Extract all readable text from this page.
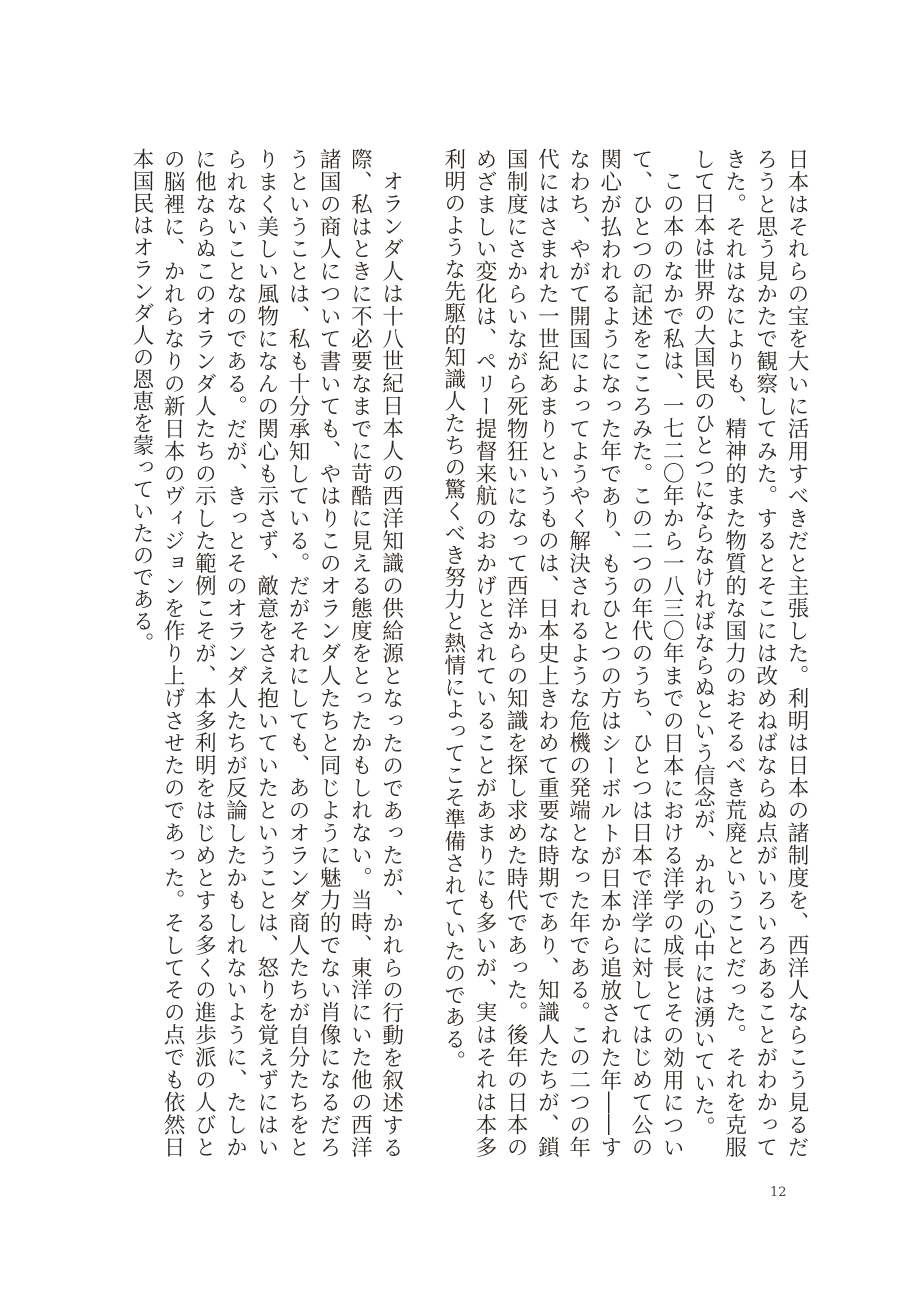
日本はそれらの宝を大いに活用すべきだと主張した。利明は日本の諸制度を、西洋人ならこう見るだろうと思う見かたで観察してみた。するとそこには改めねばならぬ点がいろいろあることがわかってきた。それはなによりも、精神的また物質的な国力のおそるべき荒廃ということだった。それを克服して日本は世界の大国民のひとつにならなければならぬという信念が、かれの心中には湧いていた。

この本のなかで私は、一七二〇年から一八三〇年までの日本における洋学の成長とその効用について、ひとつの記述をこころみた。この二つの年代のうち、ひとつは日本で洋学に対してはじめて公の関心が払われるようになった年であり、もうひとつの方はシーボルトが日本から追放された年――すなわち、やがて開国によってようやく解決されるような危機の発端となった年である。この二つの年代にはさまれた一世紀あまりというものは、日本史上きわめて重要な時期であり、知識人たちが、鎖国制度にさからいながら死物狂いになって西洋からの知識を探し求めた時代であった。後年の日本のめざましい変化は、ペリー提督来航のおかげとされていることがあまりにも多いが、実はそれは本多利明のような先駆的知識人たちの驚くべき努力と熱情によってこそ準備されていたのである。

オランダ人は十八世紀日本人の西洋知識の供給源となったのであったが、かれらの行動を叙述する際、私はときに不必要なまでに苛酷に見える態度をとったかもしれない。当時、東洋にいた他の西洋諸国の商人について書いても、やはりこのオランダ人たちと同じように魅力的でない肖像になるだろうということは、私も十分承知している。だがそれにしても、あのオランダ商人たちが自分たちをとりまく美しい風物になんの関心も示さず、敵意をさえ抱いていたということは、怒りを覚えずにはいられないことなのである。だが、きっとそのオランダ人たちが反論したかもしれないように、たしかに他ならぬこのオランダ人たちの示した範例こそが、本多利明をはじめとする多くの進歩派の人びとの脳裡に、かれらなりの新日本のヴィジョンを作り上げさせたのであった。そしてその点でも依然日本国民はオランダ人の恩恵を蒙っていたのである。

12
